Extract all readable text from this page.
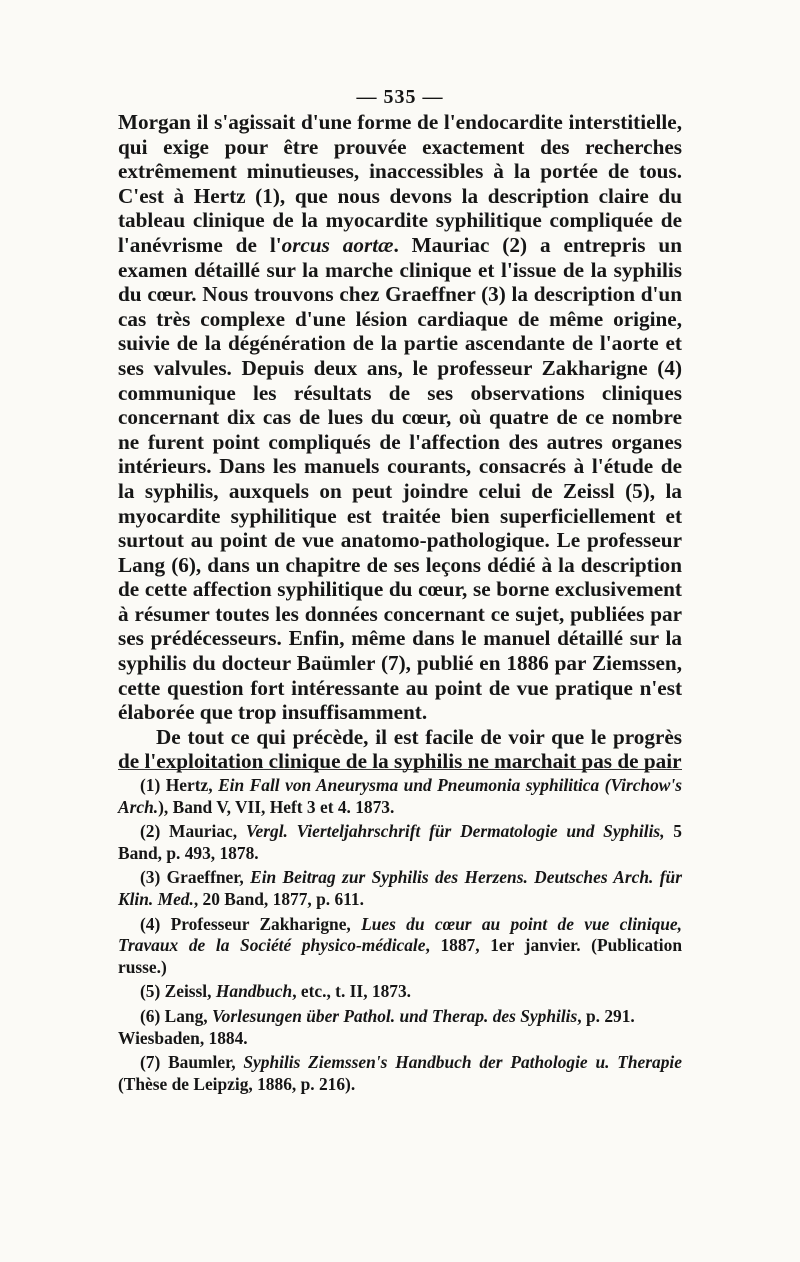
— 535 —

Morgan il s'agissait d'une forme de l'endocardite interstitielle, qui exige pour être prouvée exactement des recherches extrêmement minutieuses, inaccessibles à la portée de tous. C'est à Hertz (1), que nous devons la description claire du tableau clinique de la myocardite syphilitique compliquée de l'anévrisme de l'orcus aortæ. Mauriac (2) a entrepris un examen détaillé sur la marche clinique et l'issue de la syphilis du cœur. Nous trouvons chez Graeffner (3) la description d'un cas très complexe d'une lésion cardiaque de même origine, suivie de la dégénération de la partie ascendante de l'aorte et ses valvules. Depuis deux ans, le professeur Zakharigne (4) communique les résultats de ses observations cliniques concernant dix cas de lues du cœur, où quatre de ce nombre ne furent point compliqués de l'affection des autres organes intérieurs. Dans les manuels courants, consacrés à l'étude de la syphilis, auxquels on peut joindre celui de Zeissl (5), la myocardite syphilitique est traitée bien superficiellement et surtout au point de vue anatomo-pathologique. Le professeur Lang (6), dans un chapitre de ses leçons dédié à la description de cette affection syphilitique du cœur, se borne exclusivement à résumer toutes les données concernant ce sujet, publiées par ses prédécesseurs. Enfin, même dans le manuel détaillé sur la syphilis du docteur Baümler (7), publié en 1886 par Ziemssen, cette question fort intéressante au point de vue pratique n'est élaborée que trop insuffisamment.

De tout ce qui précède, il est facile de voir que le progrès de l'exploitation clinique de la syphilis ne marchait pas de pair

(1) Hertz, Ein Fall von Aneurysma und Pneumonia syphilitica (Virchow's Arch.), Band V, VII, Heft 3 et 4. 1873.

(2) Mauriac, Vergl. Vierteljahrschrift für Dermatologie und Syphilis, 5 Band, p. 493, 1878.

(3) Graeffner, Ein Beitrag zur Syphilis des Herzens. Deutsches Arch. für Klin. Med., 20 Band, 1877, p. 611.

(4) Professeur Zakharigne, Lues du cœur au point de vue clinique, Travaux de la Société physico-médicale, 1887, 1er janvier. (Publication russe.)

(5) Zeissl, Handbuch, etc., t. II, 1873.

(6) Lang, Vorlesungen über Pathol. und Therap. des Syphilis, p. 291.

Wiesbaden, 1884.

(7) Baumler, Syphilis Ziemssen's Handbuch der Pathologie u. Therapie (Thèse de Leipzig, 1886, p. 216).
